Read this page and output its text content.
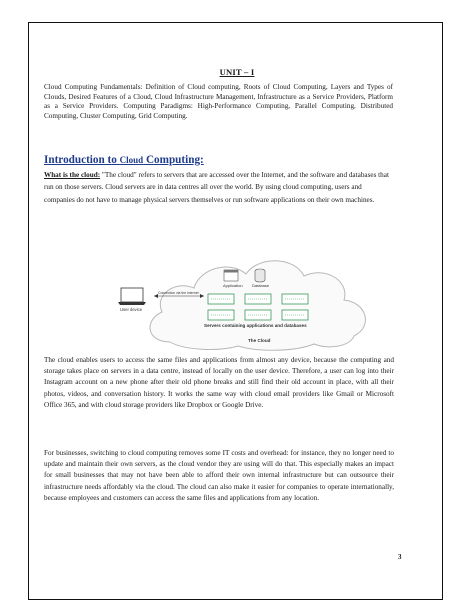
UNIT – I
Cloud Computing Fundamentals: Definition of Cloud computing, Roots of Cloud Computing, Layers and Types of Clouds, Desired Features of a Cloud, Cloud Infrastructure Management, Infrastructure as a Service Providers, Platform as a Service Providers. Computing Paradigms: High-Performance Computing, Parallel Computing, Distributed Computing, Cluster Computing, Grid Computing.
Introduction to Cloud Computing:
What is the cloud: "The cloud" refers to servers that are accessed over the Internet, and the software and databases that run on those servers. Cloud servers are in data centres all over the world. By using cloud computing, users and companies do not have to manage physical servers themselves or run software applications on their own machines.
Application Database
Connection via the Internet
User device
Servers containing applications and databases
The Cloud
The cloud enables users to access the same files and applications from almost any device, because the computing and storage takes place on servers in a data centre, instead of locally on the user device. Therefore, a user can log into their Instagram account on a new phone after their old phone breaks and still find their old account in place, with all their photos, videos, and conversation history. It works the same way with cloud email providers like Gmail or Microsoft Office 365, and with cloud storage providers like Dropbox or Google Drive.
For businesses, switching to cloud computing removes some IT costs and overhead: for instance, they no longer need to update and maintain their own servers, as the cloud vendor they are using will do that. This especially makes an impact for small businesses that may not have been able to afford their own internal infrastructure but can outsource their infrastructure needs affordably via the cloud. The cloud can also make it easier for companies to operate internationally, because employees and customers can access the same files and applications from any location.
3
